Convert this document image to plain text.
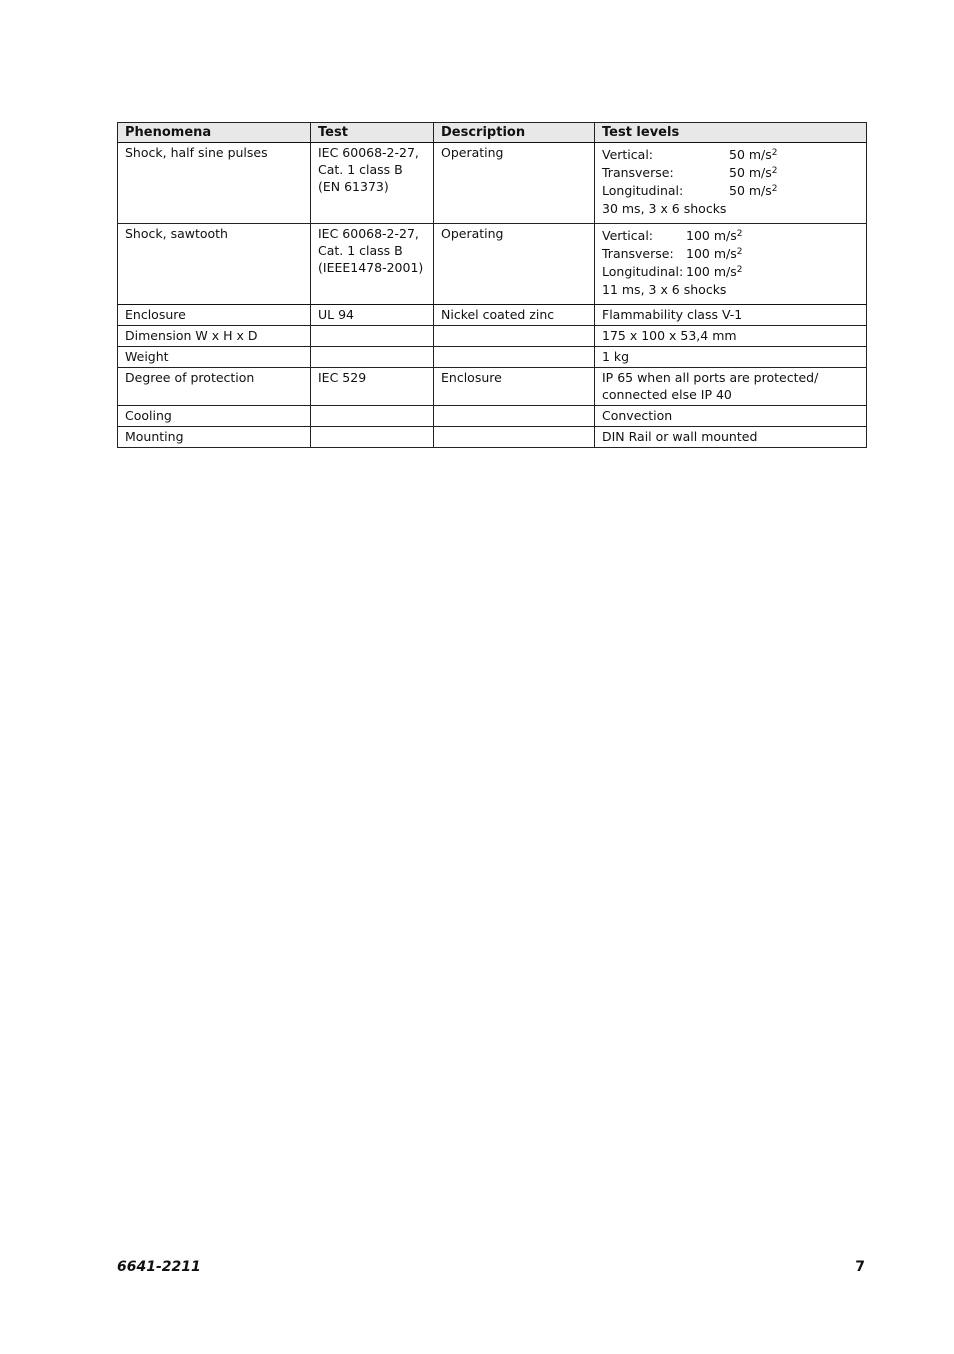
Phenomena	Test	Description	Test levels
Shock, half sine pulses	IEC 60068-2-27,
Cat. 1 class B
(EN 61373)	Operating	Vertical: 50 $m/s^2$
Transverse: 50 $m/s^2$
Longitudinal: 50 $m/s^2$
30 ms, 3 x 6 shocks

Shock, sawtooth	IEC 60068-2-27,
Cat. 1 class B
(IEEE1478-2001)	Operating	Vertical: 100 $m/s^2$
Transverse: 100 $m/s^2$
Longitudinal: 100 $m/s^2$
11 ms, 3 x 6 shocks

Enclosure	UL 94	Nickel coated zinc	Flammability class V-1
Dimension W x H x D			175 x 100 x 53,4 mm
Weight			1 kg
Degree of protection	IEC 529	Enclosure	IP 65 when all ports are protected/
connected else IP 40

Cooling			Convection
Mounting			DIN Rail or wall mounted
6641-2211	7
